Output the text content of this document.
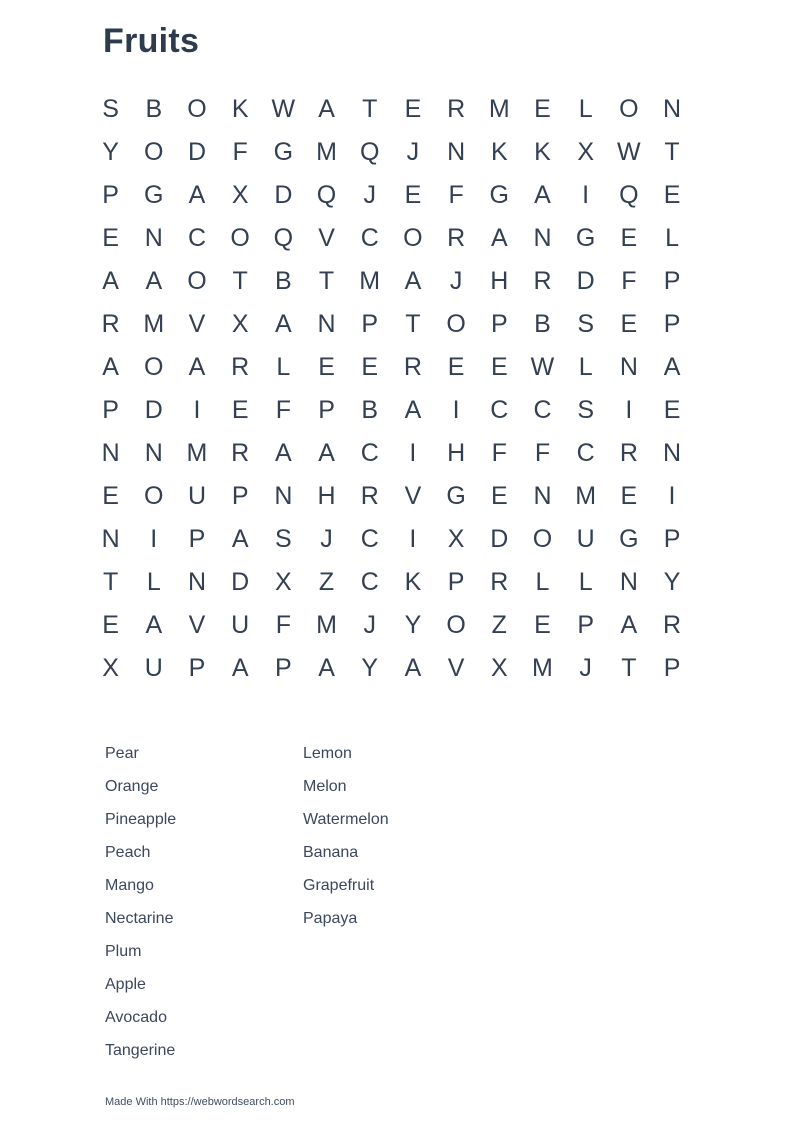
Fruits
S	B	O	K W A	T	E	R M E	L	O N
Y	O D	F	G M Q	J	N	K	K	X W T
P	G	A	X	D Q	J	E	F	G	A	I	Q	E
E	N	C O Q	V	C O R	A	N G	E	L
A	A	O	T	B	T	M A	J	H	R	D	F	P
R M V	X	A	N	P	T	O	P	B	S	E	P
A	O	A	R	L	E	E	R	E	E W L	N	A
P	D	I	E	F	P	B	A	I	C	C	S	I	E
N	N M R	A	A	C	I	H	F	F	C	R	N
E	O U	P	N	H	R	V	G	E	N M E	I
N	I	P	A	S	J	C	I	X	D O U G	P
T	L	N	D	X	Z	C	K	P	R	L	L	N	Y
E	A	V	U	F	M	J	Y	O	Z	E	P	A	R
X	U	P	A	P	A	Y	A	V	X M	J	T	P
Pear
Orange
Pineapple
Peach
Mango
Nectarine
Plum
Apple
Avocado
Tangerine
Lemon
Melon
Watermelon
Banana
Grapefruit
Papaya
Made With https://webwordsearch.com
